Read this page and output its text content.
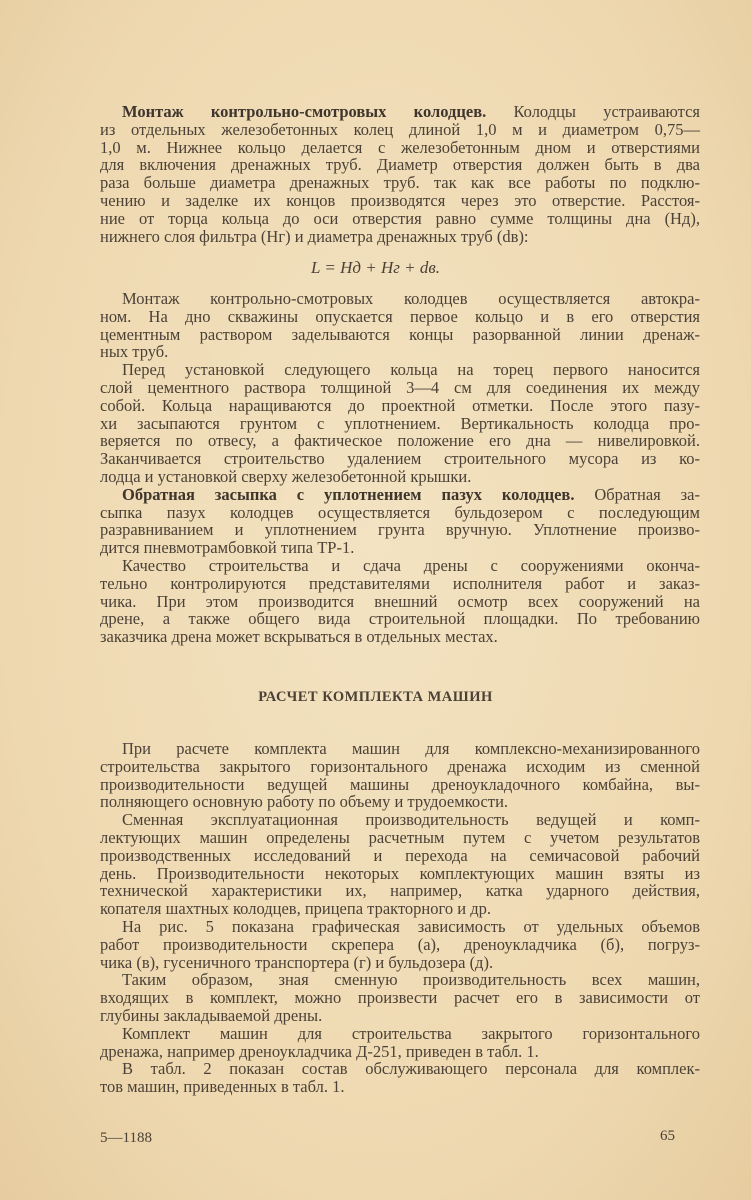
Монтаж контрольно-смотровых колодцев. Колодцы устраиваются
из отдельных железобетонных колец длиной 1,0 м и диаметром 0,75—
1,0 м. Нижнее кольцо делается с железобетонным дном и отверстиями
для включения дренажных труб. Диаметр отверстия должен быть в два
раза больше диаметра дренажных труб. так как все работы по подклю-
чению и заделке их концов производятся через это отверстие. Расстоя-
ние от торца кольца до оси отверстия равно сумме толщины дна (Hд),
нижнего слоя фильтра (Hг) и диаметра дренажных труб (dв):
L = Hд + Hг + dв.
Монтаж контрольно-смотровых колодцев осуществляется автокра-
ном. На дно скважины опускается первое кольцо и в его отверстия
цементным раствором заделываются концы разорванной линии дренаж-
ных труб.
Перед установкой следующего кольца на торец первого наносится
слой цементного раствора толщиной 3—4 см для соединения их между
собой. Кольца наращиваются до проектной отметки. После этого пазу-
хи засыпаются грунтом с уплотнением. Вертикальность колодца про-
веряется по отвесу, а фактическое положение его дна — нивелировкой.
Заканчивается строительство удалением строительного мусора из ко-
лодца и установкой сверху железобетонной крышки.
Обратная засыпка с уплотнением пазух колодцев. Обратная за-
сыпка пазух колодцев осуществляется бульдозером с последующим
разравниванием и уплотнением грунта вручную. Уплотнение произво-
дится пневмотрамбовкой типа ТР-1.
Качество строительства и сдача дрены с сооружениями оконча-
тельно контролируются представителями исполнителя работ и заказ-
чика. При этом производится внешний осмотр всех сооружений на
дрене, а также общего вида строительной площадки. По требованию
заказчика дрена может вскрываться в отдельных местах.
РАСЧЕТ КОМПЛЕКТА МАШИН
При расчете комплекта машин для комплексно-механизированного
строительства закрытого горизонтального дренажа исходим из сменной
производительности ведущей машины дреноукладочного комбайна, вы-
полняющего основную работу по объему и трудоемкости.
Сменная эксплуатационная производительность ведущей и комп-
лектующих машин определены расчетным путем с учетом результатов
производственных исследований и перехода на семичасовой рабочий
день. Производительности некоторых комплектующих машин взяты из
технической характеристики их, например, катка ударного действия,
копателя шахтных колодцев, прицепа тракторного и др.
На рис. 5 показана графическая зависимость от удельных объемов
работ производительности скрепера (а), дреноукладчика (б), погруз-
чика (в), гусеничного транспортера (г) и бульдозера (д).
Таким образом, зная сменную производительность всех машин,
входящих в комплект, можно произвести расчет его в зависимости от
глубины закладываемой дрены.
Комплект машин для строительства закрытого горизонтального
дренажа, например дреноукладчика Д-251, приведен в табл. 1.
В табл. 2 показан состав обслуживающего персонала для комплек-
тов машин, приведенных в табл. 1.
5—1188	65
